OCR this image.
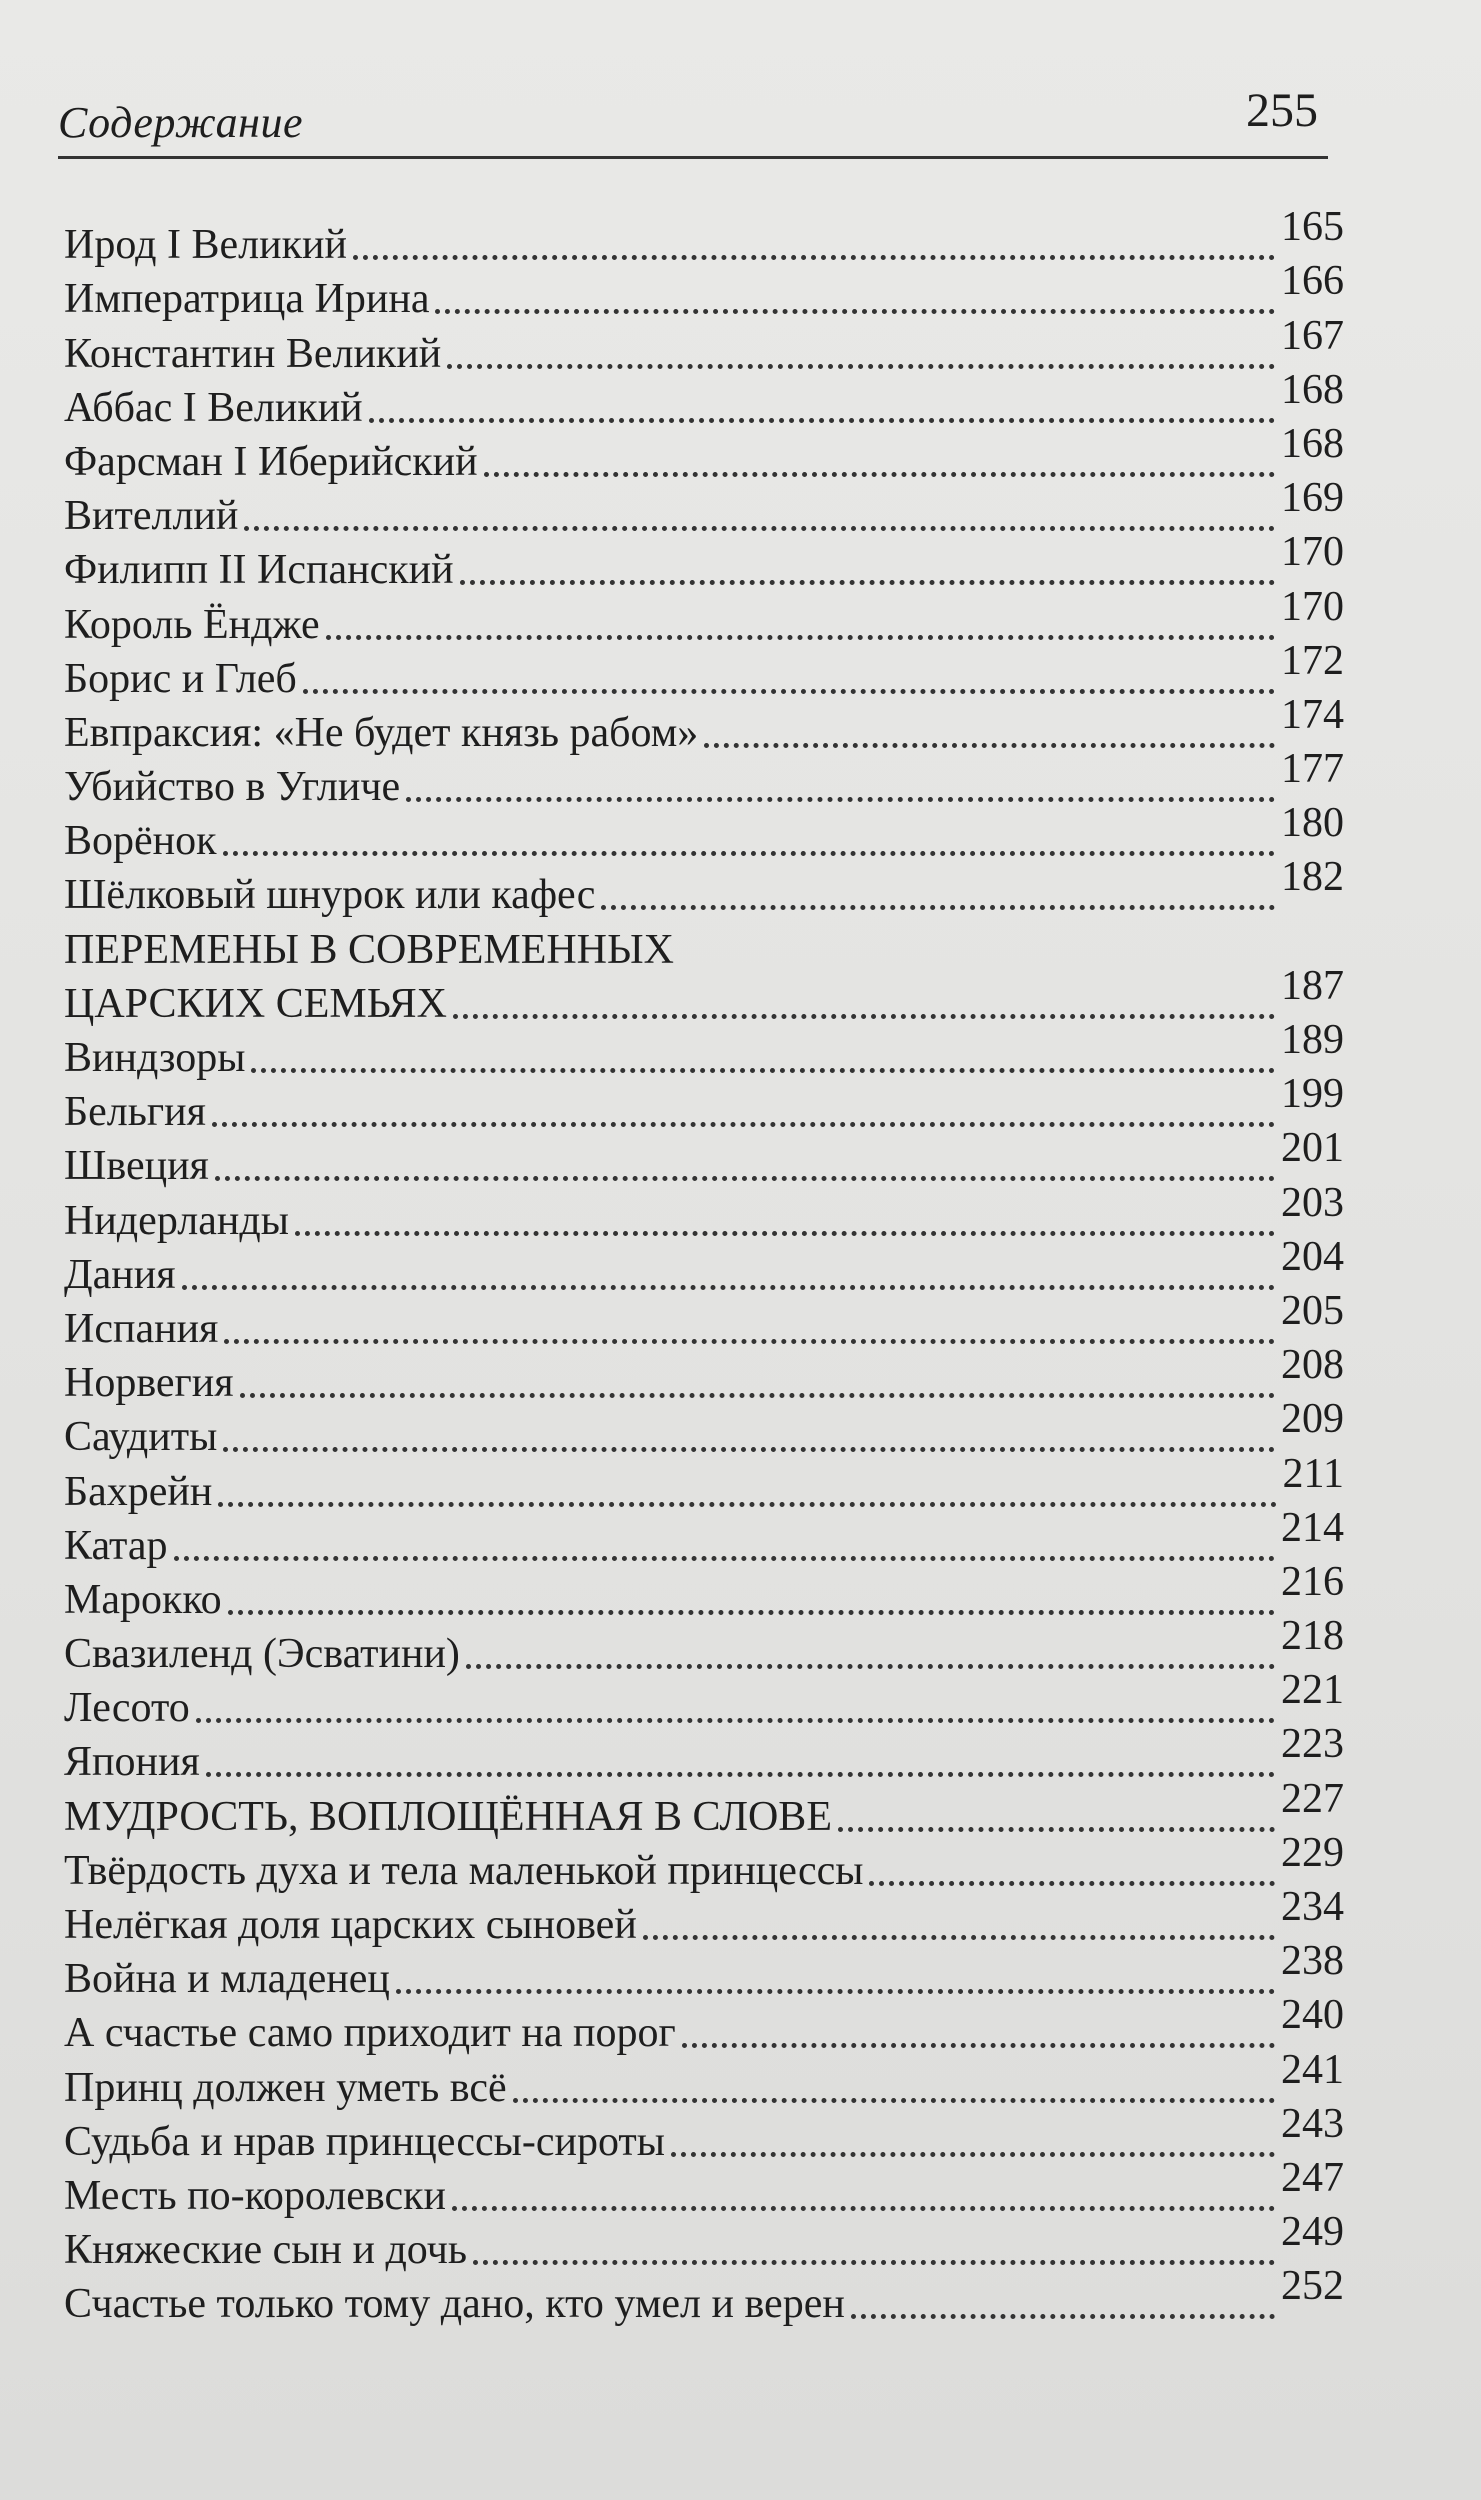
Содержание	255
Ирод I Великий	165
Императрица Ирина	166
Константин Великий	167
Аббас I Великий	168
Фарсман I Иберийский	168
Вителлий	169
Филипп II Испанский	170
Король Ёндже	170
Борис и Глеб	172
Евпраксия: «Не будет князь рабом»	174
Убийство в Угличе	177
Ворёнок	180
Шёлковый шнурок или кафес	182
ПЕРЕМЕНЫ В СОВРЕМЕННЫХ
ЦАРСКИХ СЕМЬЯХ	187
Виндзоры	189
Бельгия	199
Швеция	201
Нидерланды	203
Дания	204
Испания	205
Норвегия	208
Саудиты	209
Бахрейн	211
Катар	214
Марокко	216
Свазиленд (Эсватини)	218
Лесото	221
Япония	223
МУДРОСТЬ, ВОПЛОЩЁННАЯ В СЛОВЕ	227
Твёрдость духа и тела маленькой принцессы	229
Нелёгкая доля царских сыновей	234
Война и младенец	238
А счастье само приходит на порог	240
Принц должен уметь всё	241
Судьба и нрав принцессы-сироты	243
Месть по-королевски	247
Княжеские сын и дочь	249
Счастье только тому дано, кто умел и верен	252
